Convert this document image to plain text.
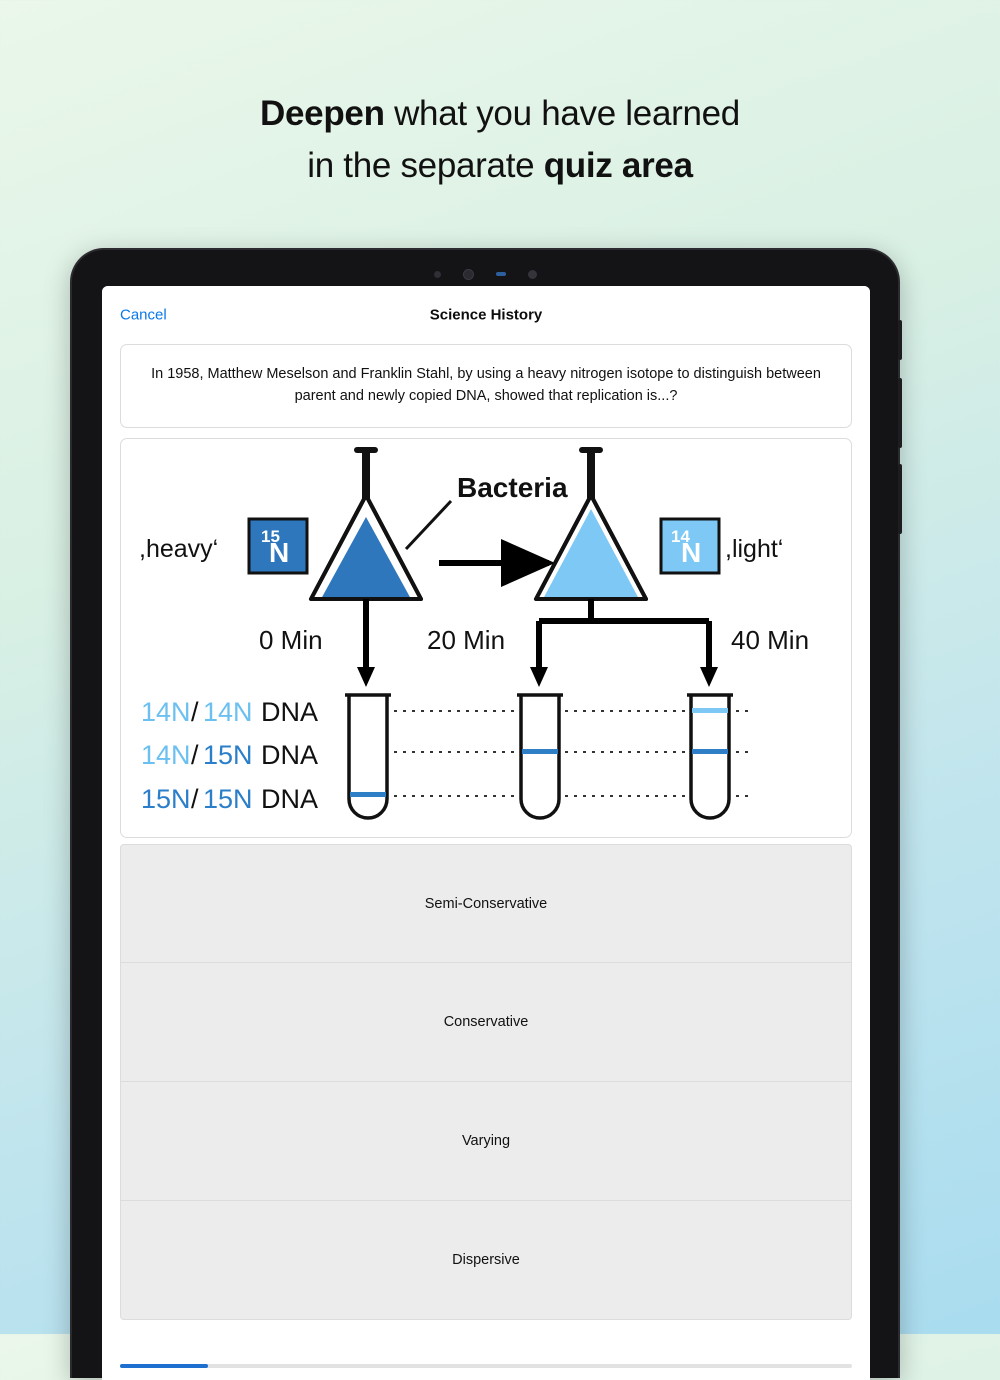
Deepen what you have learned
in the separate quiz area
Cancel	Science History
In 1958, Matthew Meselson and Franklin Stahl, by using a heavy nitrogen isotope to distinguish between parent and newly copied DNA, showed that replication is...?
15
N
,heavy‘
Bacteria
14
N ,light‘
0 Min	20 Min	40 Min
14N / 14N DNA
14N / 15N DNA
15N / 15N DNA
Semi-Conservative
Conservative
Varying
Dispersive
